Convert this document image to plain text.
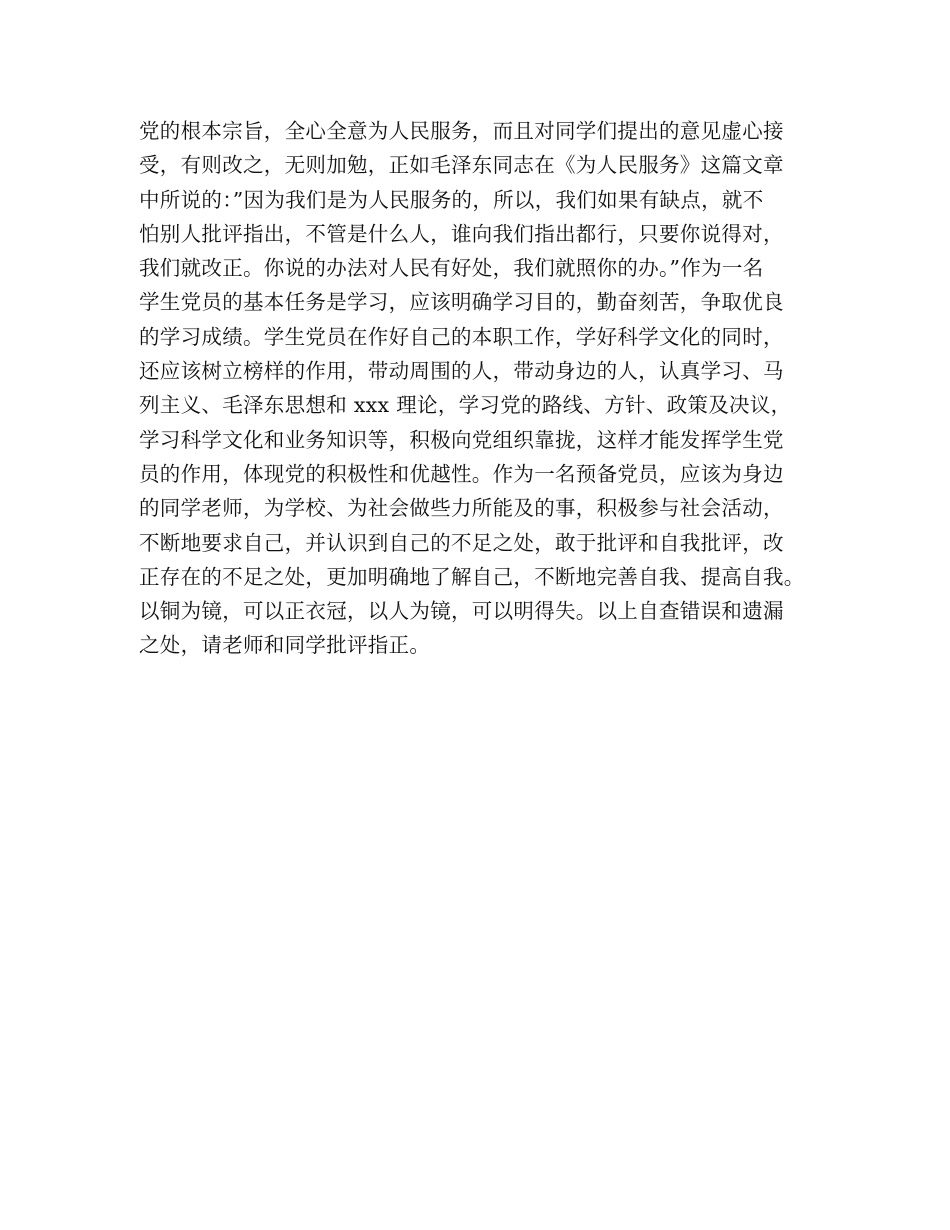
党的根本宗旨，全心全意为人民服务，而且对同学们提出的意见虚心接
受，有则改之，无则加勉，正如毛泽东同志在《为人民服务》这篇文章
中所说的：”因为我们是为人民服务的，所以，我们如果有缺点，就不
怕别人批评指出，不管是什么人，谁向我们指出都行，只要你说得对，
我们就改正。你说的办法对人民有好处，我们就照你的办。”作为一名
学生党员的基本任务是学习，应该明确学习目的，勤奋刻苦，争取优良
的学习成绩。学生党员在作好自己的本职工作，学好科学文化的同时，
还应该树立榜样的作用，带动周围的人，带动身边的人，认真学习、马
列主义、毛泽东思想和 xxx 理论，学习党的路线、方针、政策及决议，
学习科学文化和业务知识等，积极向党组织靠拢，这样才能发挥学生党
员的作用，体现党的积极性和优越性。作为一名预备党员，应该为身边
的同学老师，为学校、为社会做些力所能及的事，积极参与社会活动，
不断地要求自己，并认识到自己的不足之处，敢于批评和自我批评，改
正存在的不足之处，更加明确地了解自己，不断地完善自我、提高自我。
以铜为镜，可以正衣冠，以人为镜，可以明得失。以上自查错误和遗漏
之处，请老师和同学批评指正。
